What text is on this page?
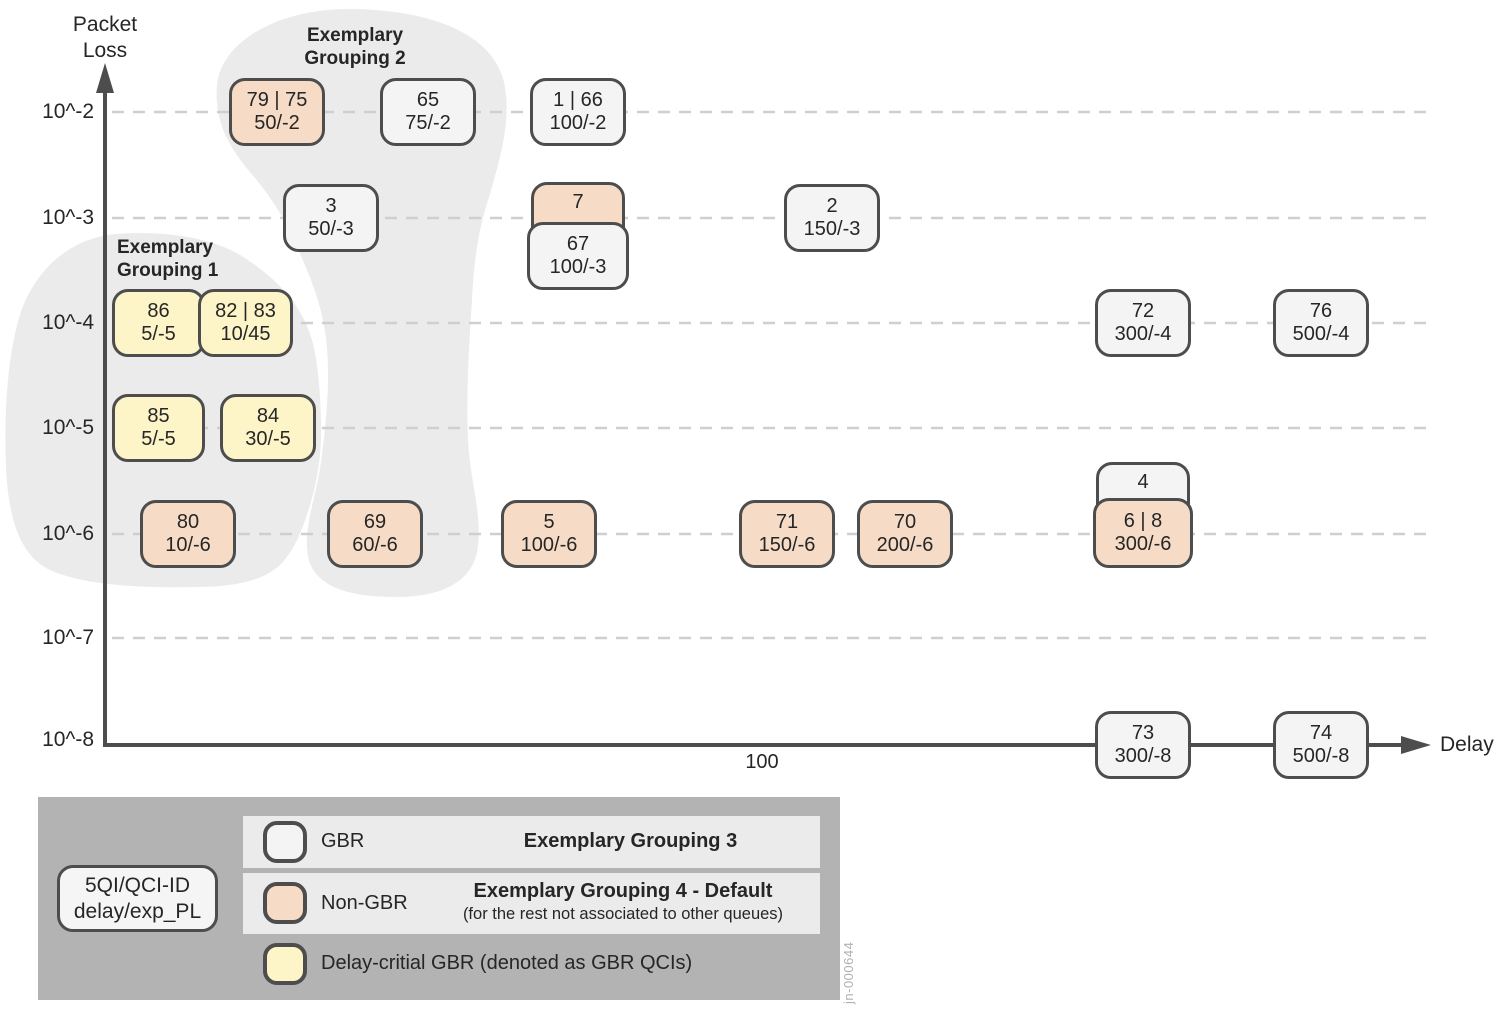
Packet
Loss
10^-2
10^-3
10^-4
10^-5
10^-6
10^-7
10^-8
100
Delay
Exemplary
Grouping 2
Exemplary
Grouping 1
79 | 75
50/-2
65
75/-2
1 | 66
100/-2
3
50/-3
7
67
100/-3
2
150/-3
86
5/-5
82 | 83
10/45
72
300/-4
76
500/-4
85
5/-5
84
30/-5
80
10/-6
69
60/-6
5
100/-6
71
150/-6
70
200/-6
4
6 | 8
300/-6
73
300/-8
74
500/-8
5QI/QCI-ID
delay/exp_PL
GBR	Exemplary Grouping 3
Non-GBR
Exemplary Grouping 4 - Default
(for the rest not associated to other queues)
Delay-critial GBR (denoted as GBR QCIs)	jn-000644
